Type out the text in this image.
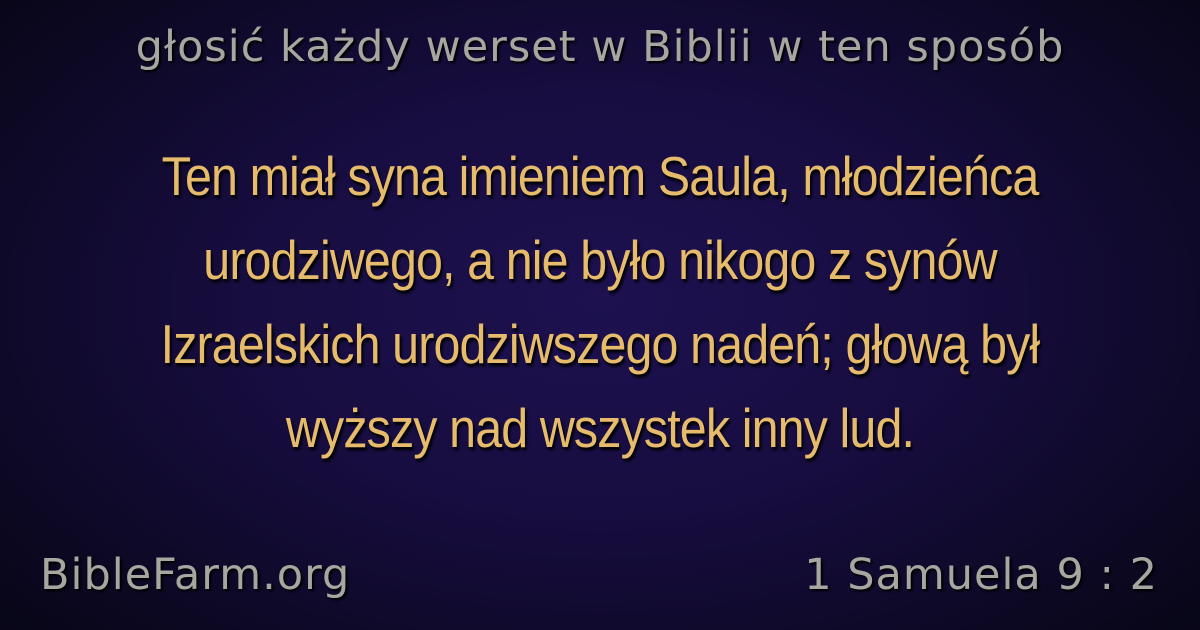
głosić każdy werset w Biblii w ten sposób
Ten miał syna imieniem Saula, młodzieńca urodziwego, a nie było nikogo z synów Izraelskich urodziwszego nadeń; głową był wyższy nad wszystek inny lud.
BibleFarm.org	1 Samuela 9 : 2
